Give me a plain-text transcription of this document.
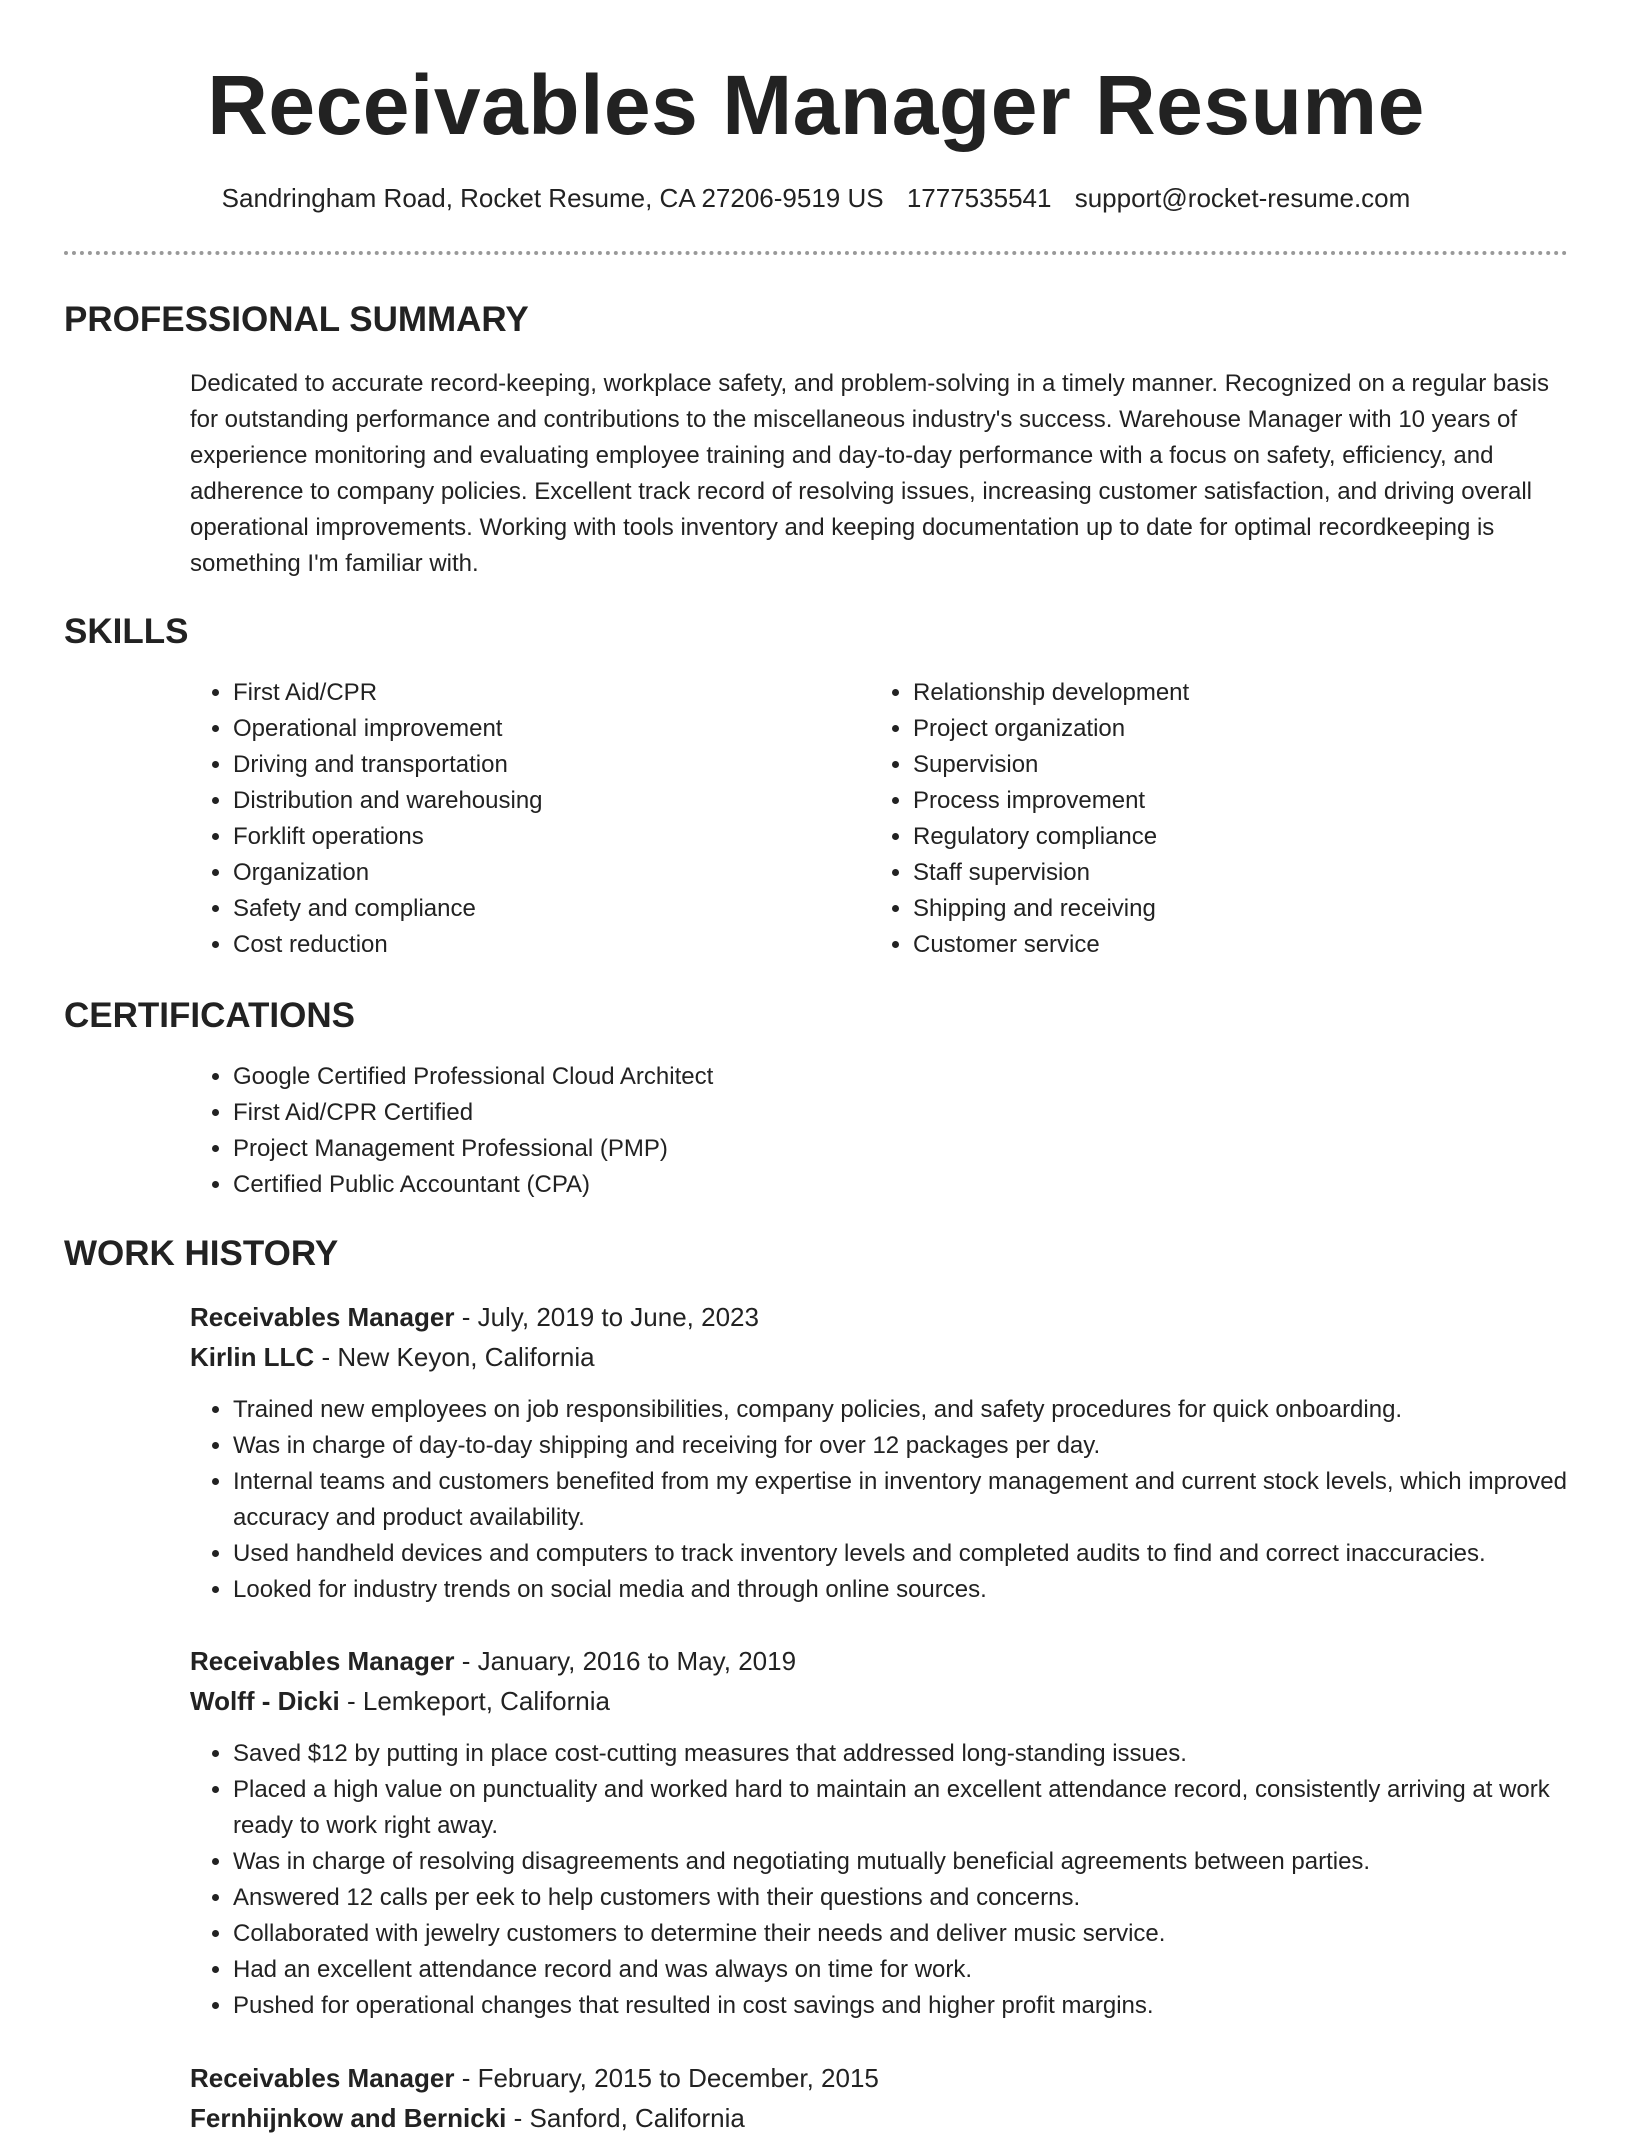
Receivables Manager Resume
Sandringham Road, Rocket Resume, CA 27206-9519 US 1777535541 support@rocket-resume.com
PROFESSIONAL SUMMARY

Dedicated to accurate record-keeping, workplace safety, and problem-solving in a timely manner. Recognized on a regular basis for outstanding performance and contributions to the miscellaneous industry's success. Warehouse Manager with 10 years of experience monitoring and evaluating employee training and day-to-day performance with a focus on safety, efficiency, and adherence to company policies. Excellent track record of resolving issues, increasing customer satisfaction, and driving overall operational improvements. Working with tools inventory and keeping documentation up to date for optimal recordkeeping is something I'm familiar with.

SKILLS
• First Aid/CPR
• Operational improvement
• Driving and transportation
• Distribution and warehousing
• Forklift operations
• Organization
• Safety and compliance
• Cost reduction
• Relationship development
• Project organization
• Supervision
• Process improvement
• Regulatory compliance
• Staff supervision
• Shipping and receiving
• Customer service
CERTIFICATIONS
• Google Certified Professional Cloud Architect
• First Aid/CPR Certified
• Project Management Professional (PMP)
• Certified Public Accountant (CPA)
WORK HISTORY
Receivables Manager - July, 2019 to June, 2023
Kirlin LLC - New Keyon, California
• Trained new employees on job responsibilities, company policies, and safety procedures for quick onboarding.
• Was in charge of day-to-day shipping and receiving for over 12 packages per day.
• Internal teams and customers benefited from my expertise in inventory management and current stock levels, which improved accuracy and product availability.
• Used handheld devices and computers to track inventory levels and completed audits to find and correct inaccuracies.
• Looked for industry trends on social media and through online sources.
Receivables Manager - January, 2016 to May, 2019
Wolff - Dicki - Lemkeport, California
• Saved $12 by putting in place cost-cutting measures that addressed long-standing issues.
• Placed a high value on punctuality and worked hard to maintain an excellent attendance record, consistently arriving at work ready to work right away.
• Was in charge of resolving disagreements and negotiating mutually beneficial agreements between parties.
• Answered 12 calls per eek to help customers with their questions and concerns.
• Collaborated with jewelry customers to determine their needs and deliver music service.
• Had an excellent attendance record and was always on time for work.
• Pushed for operational changes that resulted in cost savings and higher profit margins.
Receivables Manager - February, 2015 to December, 2015
Fernhijnkow and Bernicki - Sanford, California
